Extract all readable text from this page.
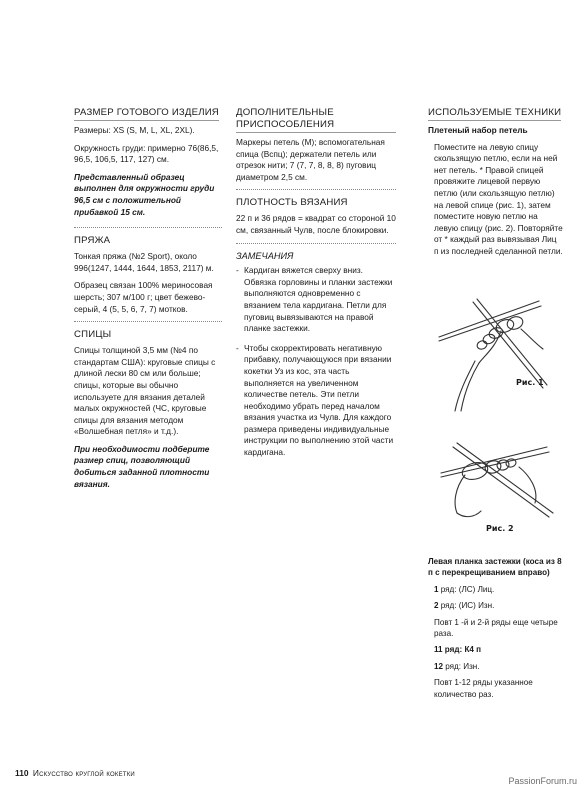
РАЗМЕР ГОТОВОГО ИЗДЕЛИЯ

Размеры: XS (S, M, L, XL, 2XL).

Окружность груди: примерно 76(86,5, 96,5, 106,5, 117, 127) см.

Представленный образец выполнен для окружности груди 96,5 см с положительной прибавкой 15 см.

ПРЯЖА

Тонкая пряжа (№2 Sport), около 996(1247, 1444, 1644, 1853, 2117) м.

Образец связан 100% мериносовая шерсть; 307 м/100 г; цвет бежево-серый, 4 (5, 5, 6, 7, 7) мотков.

СПИЦЫ

Спицы толщиной 3,5 мм (№4 по стандартам США): круговые спицы с длиной лески 80 см или больше; спицы, которые вы обычно используете для вязания деталей малых окружностей (ЧС, круговые спицы для вязания методом «Волшебная петля» и т.д.).

При необходимости подберите размер спиц, позволяющий добиться заданной плотности вязания.

ДОПОЛНИТЕЛЬНЫЕ ПРИСПОСОБЛЕНИЯ

Маркеры петель (М); вспомогательная спица (Вспц); держатели петель или отрезок нити; 7 (7, 7, 8, 8, 8) пуговиц диаметром 2,5 см.

ПЛОТНОСТЬ ВЯЗАНИЯ

22 п и 36 рядов = квадрат со стороной 10 см, связанный Чулв, после блокировки.

ЗАМЕЧАНИЯ
- Кардиган вяжется сверху вниз. Обвязка горловины и планки застежки выполняются одновременно с вязанием тела кардигана. Петли для пуговиц вывязываются на правой планке застежки.
- Чтобы скорректировать негативную прибавку, получающуюся при вязании кокетки Уз из кос, эта часть выполняется на увеличенном количестве петель. Эти петли необходимо убрать перед началом вязания участка из Чулв. Для каждого размера приведены индивидуальные инструкции по выполнению этой части кардигана.
ИСПОЛЬЗУЕМЫЕ ТЕХНИКИ

Плетеный набор петель

Поместите на левую спицу скользящую петлю, если на ней нет петель. * Правой спицей провяжите лицевой первую петлю (или скользящую петлю) на левой спице (рис. 1), затем поместите новую петлю на левую спицу (рис. 2). Повторяйте от * каждый раз вывязывая Лиц п из последней сделанной петли.

Рис. 1
Рис. 2

Левая планка застежки (коса из 8 п с перекрещиванием вправо)

1 ряд: (ЛС) Лиц.

2 ряд: (ИС) Изн.

Повт 1 -й и 2-й ряды еще четыре раза.

11 ряд: К4 п

12 ряд: Изн.

Повт 1-12 ряды указанное количество раз.

110 Искусство круглой кокетки
PassionForum.ru
